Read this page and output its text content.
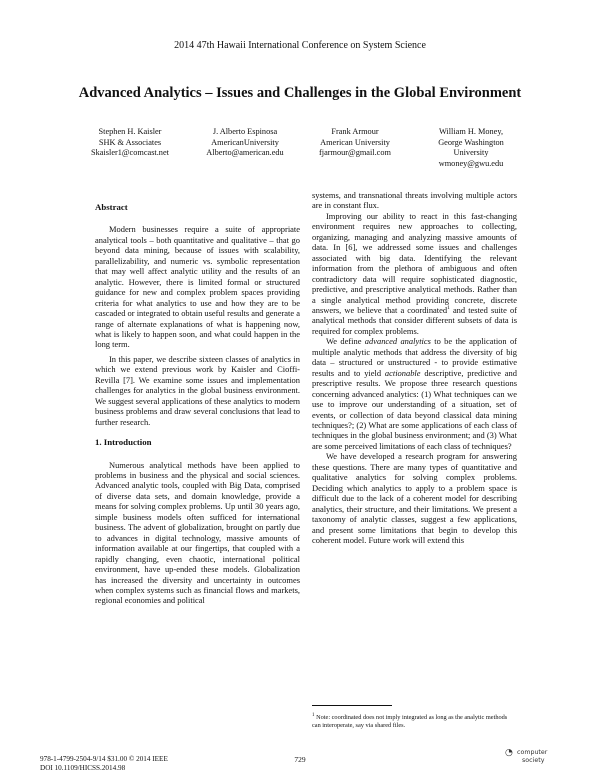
2014 47th Hawaii International Conference on System Science
Advanced Analytics – Issues and Challenges in the Global Environment
Stephen H. Kaisler
SHK & Associates
Skaisler1@comcast.net
J. Alberto Espinosa
AmericanUniversity
Alberto@american.edu
Frank Armour
American University
fjarmour@gmail.com
William H. Money,
George Washington
University
wmoney@gwu.edu
Abstract

Modern businesses require a suite of appropriate analytical tools – both quantitative and qualitative – that go beyond data mining, because of issues with scalability, parallelizability, and numeric vs. symbolic representation that may well affect analytic utility and the results of an analytic. However, there is limited formal or structured guidance for new and complex problem spaces providing criteria for what analytics to use and how they are to be cascaded or integrated to obtain useful results and generate a range of alternate explanations of what is happening now, what is likely to happen soon, and what could happen in the long term.

In this paper, we describe sixteen classes of analytics in which we extend previous work by Kaisler and Cioffi-Revilla [7]. We examine some issues and implementation challenges for analytics in the global business environment. We suggest several applications of these analytics to modern business problems and draw several conclusions that lead to further research.

1. Introduction

Numerous analytical methods have been applied to problems in business and the physical and social sciences. Advanced analytic tools, coupled with Big Data, comprised of diverse data sets, and domain knowledge, provide a means for solving complex problems. Up until 30 years ago, simple business models often sufficed for international business. The advent of globalization, brought on partly due to advances in digital technology, massive amounts of information available at our fingertips, that coupled with a rapidly changing, even chaotic, international political environment, have up-ended these models. Globalization has increased the diversity and uncertainty in outcomes when complex systems such as financial flows and markets, regional economies and political

systems, and transnational threats involving multiple actors are in constant flux.

Improving our ability to react in this fast-changing environment requires new approaches to collecting, organizing, managing and analyzing massive amounts of data. In [6], we addressed some issues and challenges associated with big data. Identifying the relevant information from the plethora of ambiguous and often contradictory data will require sophisticated diagnostic, predictive, and prescriptive analytical methods. Rather than a single analytical method providing concrete, discrete answers, we believe that a coordinated$^1$ and tested suite of analytical methods that consider different subsets of data is required for complex problems.

We define advanced analytics to be the application of multiple analytic methods that address the diversity of big data – structured or unstructured - to provide estimative results and to yield actionable descriptive, predictive and prescriptive results. We propose three research questions concerning advanced analytics: (1) What techniques can we use to improve our understanding of a situation, set of events, or collection of data beyond classical data mining techniques?; (2) What are some applications of each class of techniques in the global business environment; and (3) What are some perceived limitations of each class of techniques?

We have developed a research program for answering these questions. There are many types of quantitative and qualitative analytics for solving complex problems. Deciding which analytics to apply to a problem space is difficult due to the lack of a coherent model for describing analytics, their structure, and their limitations. We present a taxonomy of analytic classes, suggest a few applications, and present some limitations that begin to develop this coherent model. Future work will extend this

$^1$ Note: coordinated does not imply integrated as long as the analytic methods can interoperate, say via shared files.
978-1-4799-2504-9/14 $31.00 © 2014 IEEE
DOI 10.1109/HICSS.2014.98
729
◔ computer
society
